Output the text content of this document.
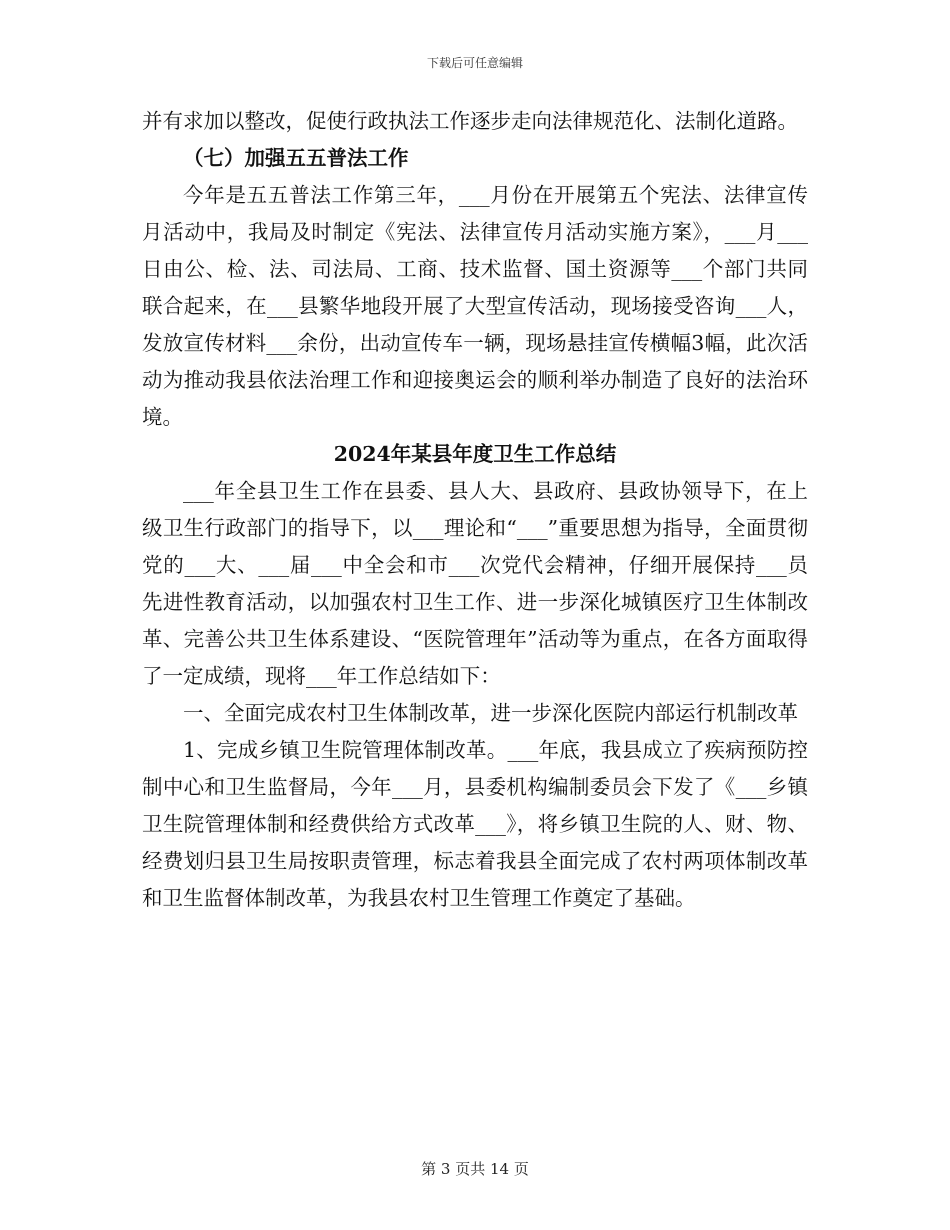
下载后可任意编辑

并有求加以整改，促使行政执法工作逐步走向法律规范化、法制化道路。

（七）加强五五普法工作

今年是五五普法工作第三年，___月份在开展第五个宪法、法律宣传月活动中，我局及时制定《宪法、法律宣传月活动实施方案》，___月___日由公、检、法、司法局、工商、技术监督、国土资源等___个部门共同联合起来，在___县繁华地段开展了大型宣传活动，现场接受咨询___人，发放宣传材料___余份，出动宣传车一辆，现场悬挂宣传横幅3幅，此次活动为推动我县依法治理工作和迎接奥运会的顺利举办制造了良好的法治环境。

2024年某县年度卫生工作总结

___年全县卫生工作在县委、县人大、县政府、县政协领导下，在上级卫生行政部门的指导下，以___理论和“___”重要思想为指导，全面贯彻党的___大、___届___中全会和市___次党代会精神，仔细开展保持___员先进性教育活动，以加强农村卫生工作、进一步深化城镇医疗卫生体制改革、完善公共卫生体系建设、“医院管理年”活动等为重点，在各方面取得了一定成绩，现将___年工作总结如下：

一、全面完成农村卫生体制改革，进一步深化医院内部运行机制改革

1、完成乡镇卫生院管理体制改革。___年底，我县成立了疾病预防控制中心和卫生监督局，今年___月，县委机构编制委员会下发了《___乡镇卫生院管理体制和经费供给方式改革___》，将乡镇卫生院的人、财、物、经费划归县卫生局按职责管理，标志着我县全面完成了农村两项体制改革和卫生监督体制改革，为我县农村卫生管理工作奠定了基础。

第 3 页共 14 页
